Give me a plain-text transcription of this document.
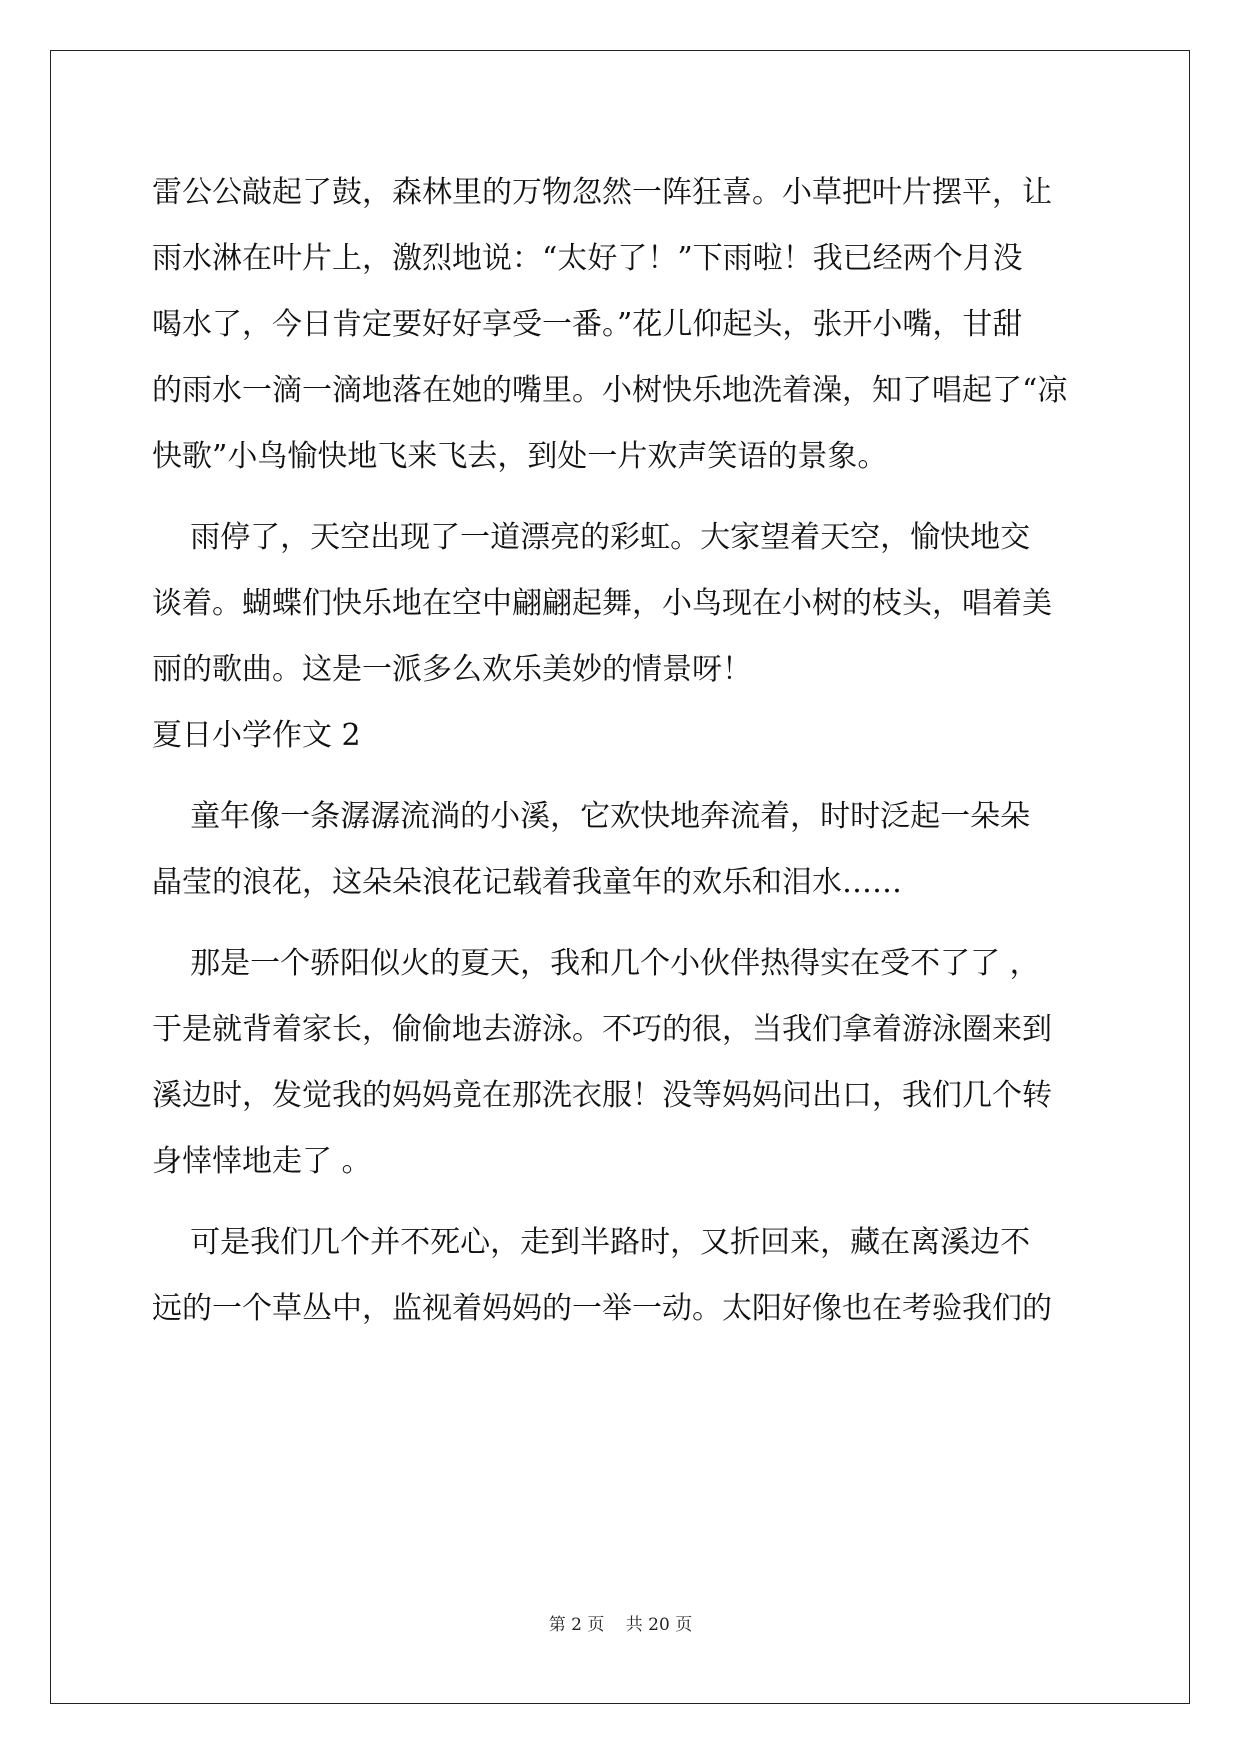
雷公公敲起了鼓，森林里的万物忽然一阵狂喜。小草把叶片摆平，让
雨水淋在叶片上，激烈地说：“太好了！”下雨啦！我已经两个月没
喝水了，今日肯定要好好享受一番。”花儿仰起头，张开小嘴，甘甜
的雨水一滴一滴地落在她的嘴里。小树快乐地洗着澡，知了唱起了“凉
快歌”小鸟愉快地飞来飞去，到处一片欢声笑语的景象。
雨停了，天空出现了一道漂亮的彩虹。大家望着天空，愉快地交
谈着。蝴蝶们快乐地在空中翩翩起舞，小鸟现在小树的枝头，唱着美
丽的歌曲。这是一派多么欢乐美妙的情景呀！
夏日小学作文 2
童年像一条潺潺流淌的小溪，它欢快地奔流着，时时泛起一朵朵
晶莹的浪花，这朵朵浪花记载着我童年的欢乐和泪水……
那是一个骄阳似火的夏天，我和几个小伙伴热得实在受不了了 ，
于是就背着家长，偷偷地去游泳。不巧的很，当我们拿着游泳圈来到
溪边时，发觉我的妈妈竟在那洗衣服！没等妈妈问出口，我们几个转
身悻悻地走了 。
可是我们几个并不死心，走到半路时，又折回来，藏在离溪边不
远的一个草丛中，监视着妈妈的一举一动。太阳好像也在考验我们的
第 2 页 共 20 页
